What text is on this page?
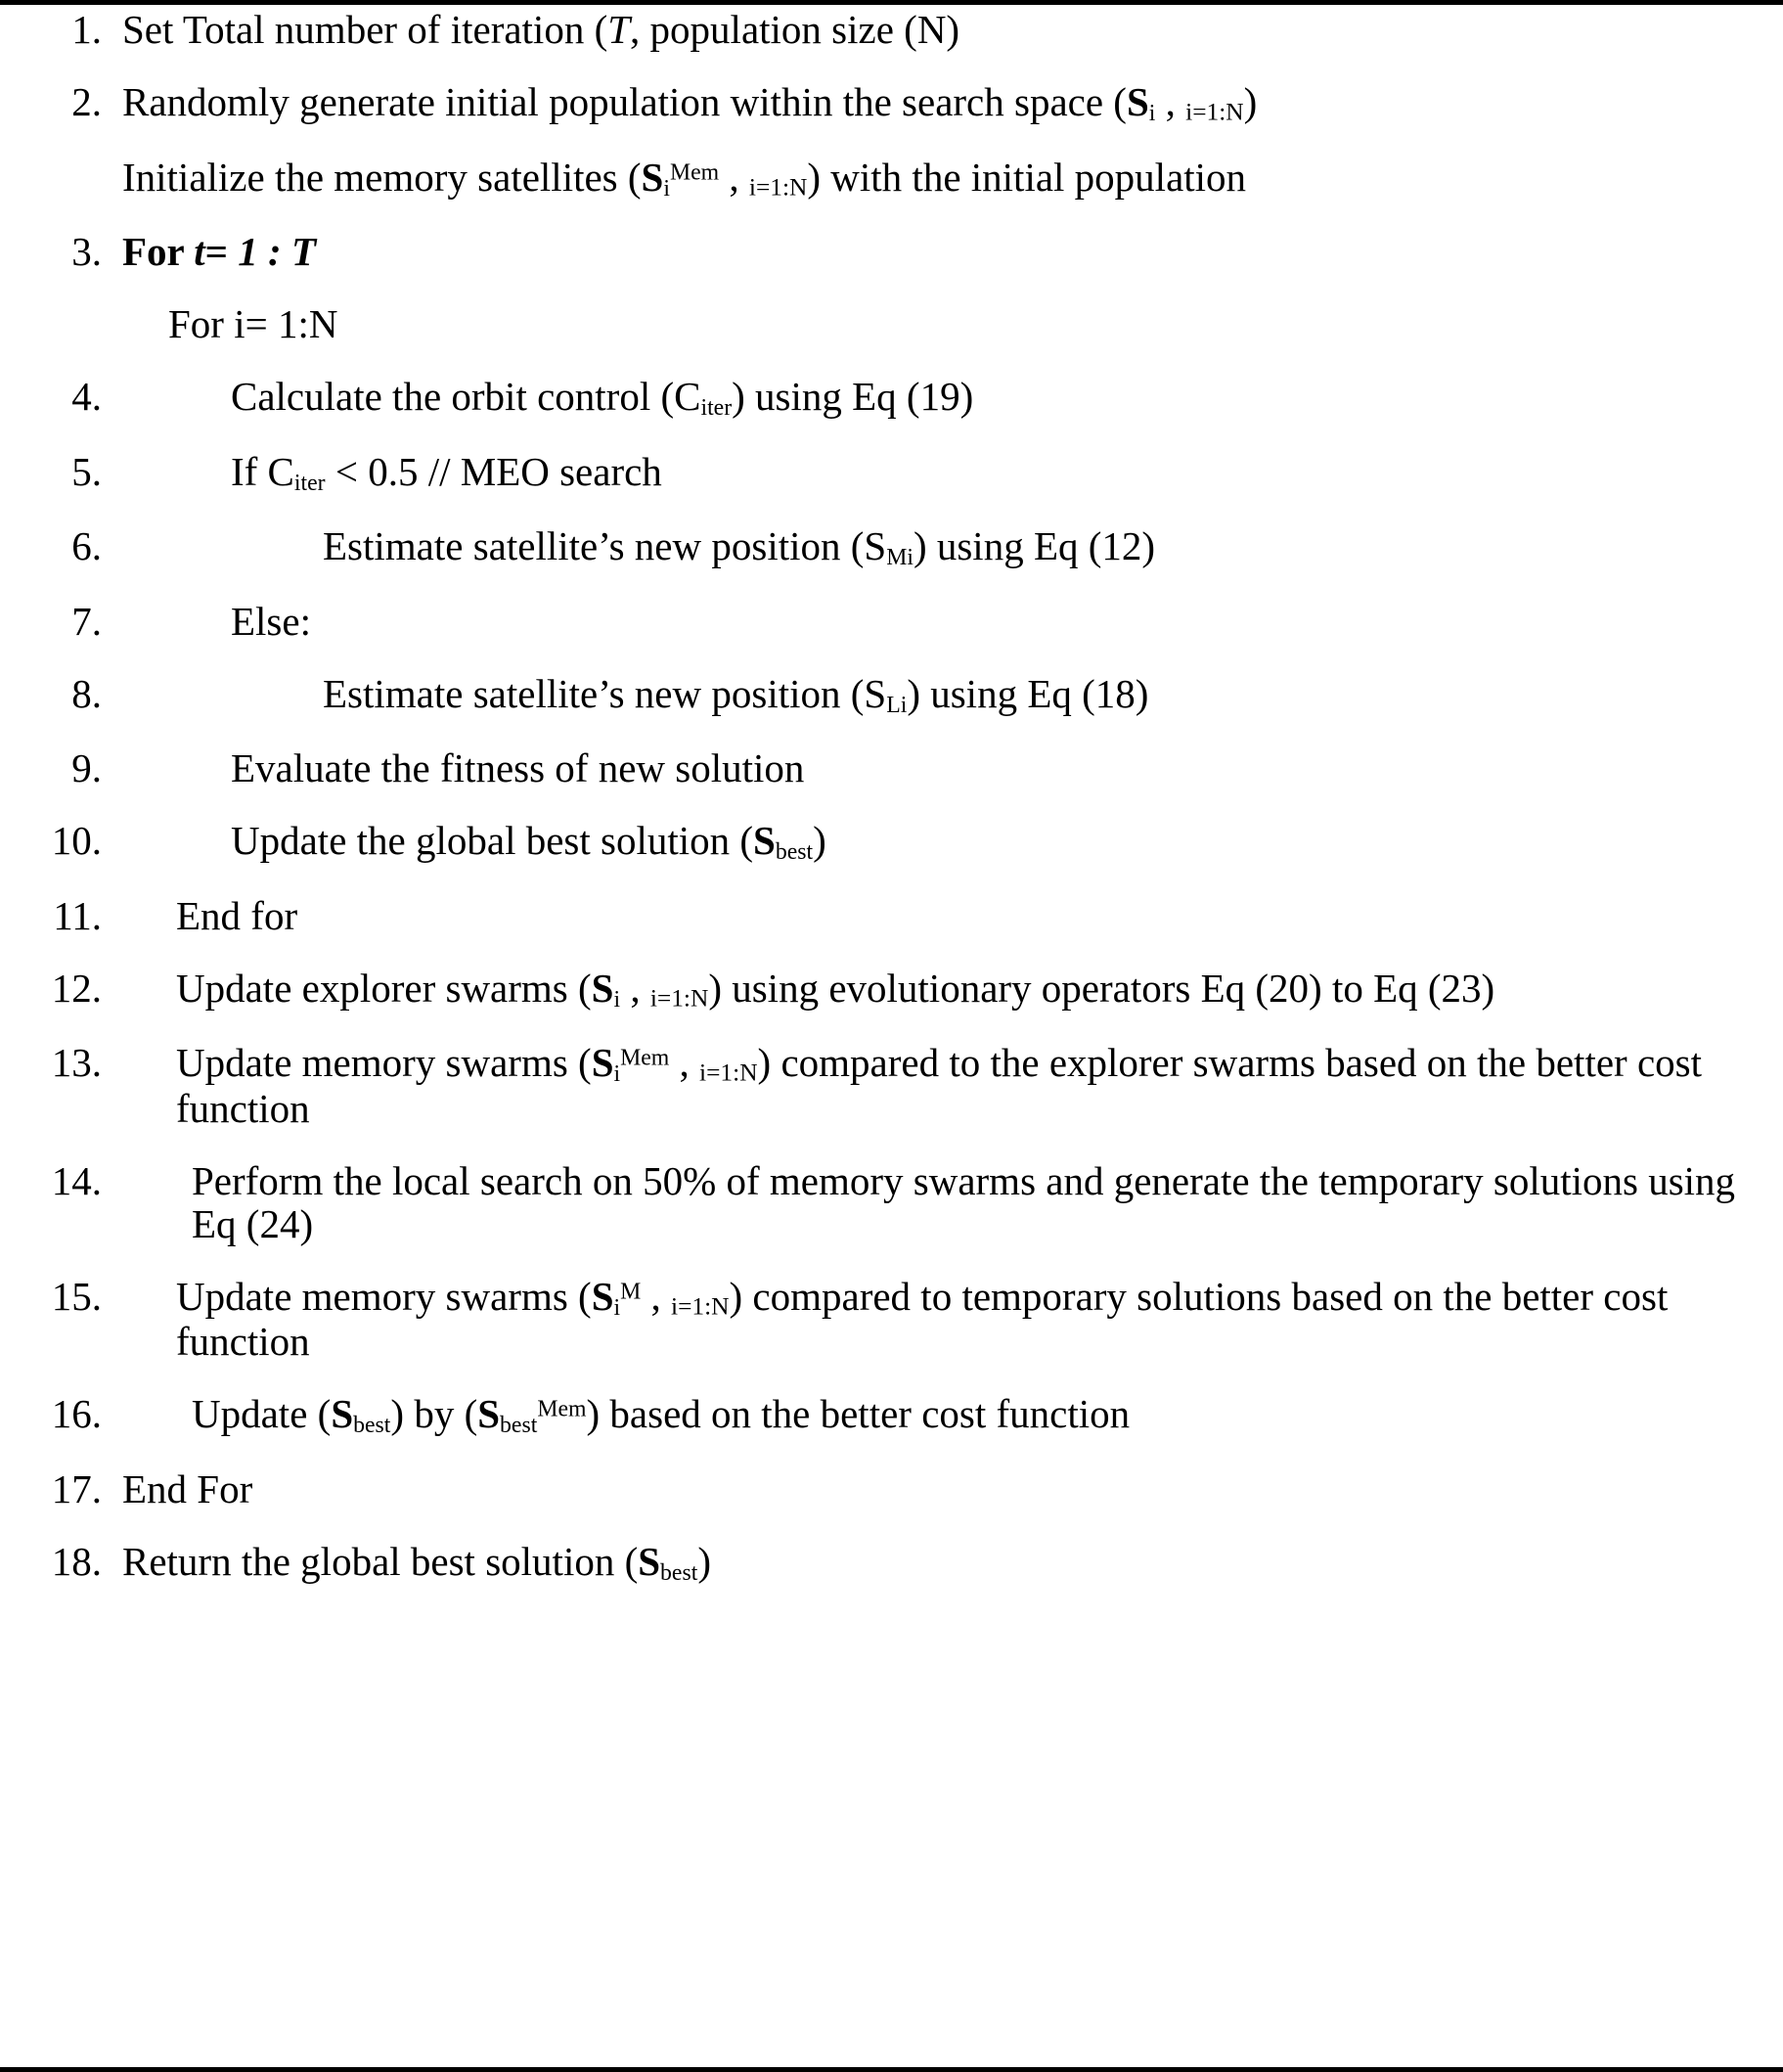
1. Set Total number of iteration (T, population size (N)
2. Randomly generate initial population within the search space ($S_i$ , i=1:N)
Initialize the memory satellites ($S_i^{Mem}$ , i=1:N) with the initial population
3. For t= 1 : T
For i= 1:N
4.	Calculate the orbit control $(C_{iter})$ using Eq (19)
5.	If $C_{iter} < 0.5$ // MEO search
6.	Estimate satellite’s new position $(S_{Mi})$ using Eq (12)
7.	Else:
8.	Estimate satellite’s new position $(S_{Li})$ using Eq (18)
9.	Evaluate the fitness of new solution
10.	Update the global best solution $(S_{best})$
11. End for
12. Update explorer swarms ($S_i$ , i=1:N) using evolutionary operators Eq (20) to Eq (23)
13. Update memory swarms ($S_i^{Mem}$ , i=1:N) compared to the explorer swarms based on the better cost function
14. Perform the local search on 50% of memory swarms and generate the temporary solutions using Eq (24)
15. Update memory swarms ($S_i^M$ , i=1:N) compared to temporary solutions based on the better cost function
16. Update $(S_{best})$ by $(S_{best}^{Mem})$ based on the better cost function
17. End For
18. Return the global best solution $(S_{best})$
